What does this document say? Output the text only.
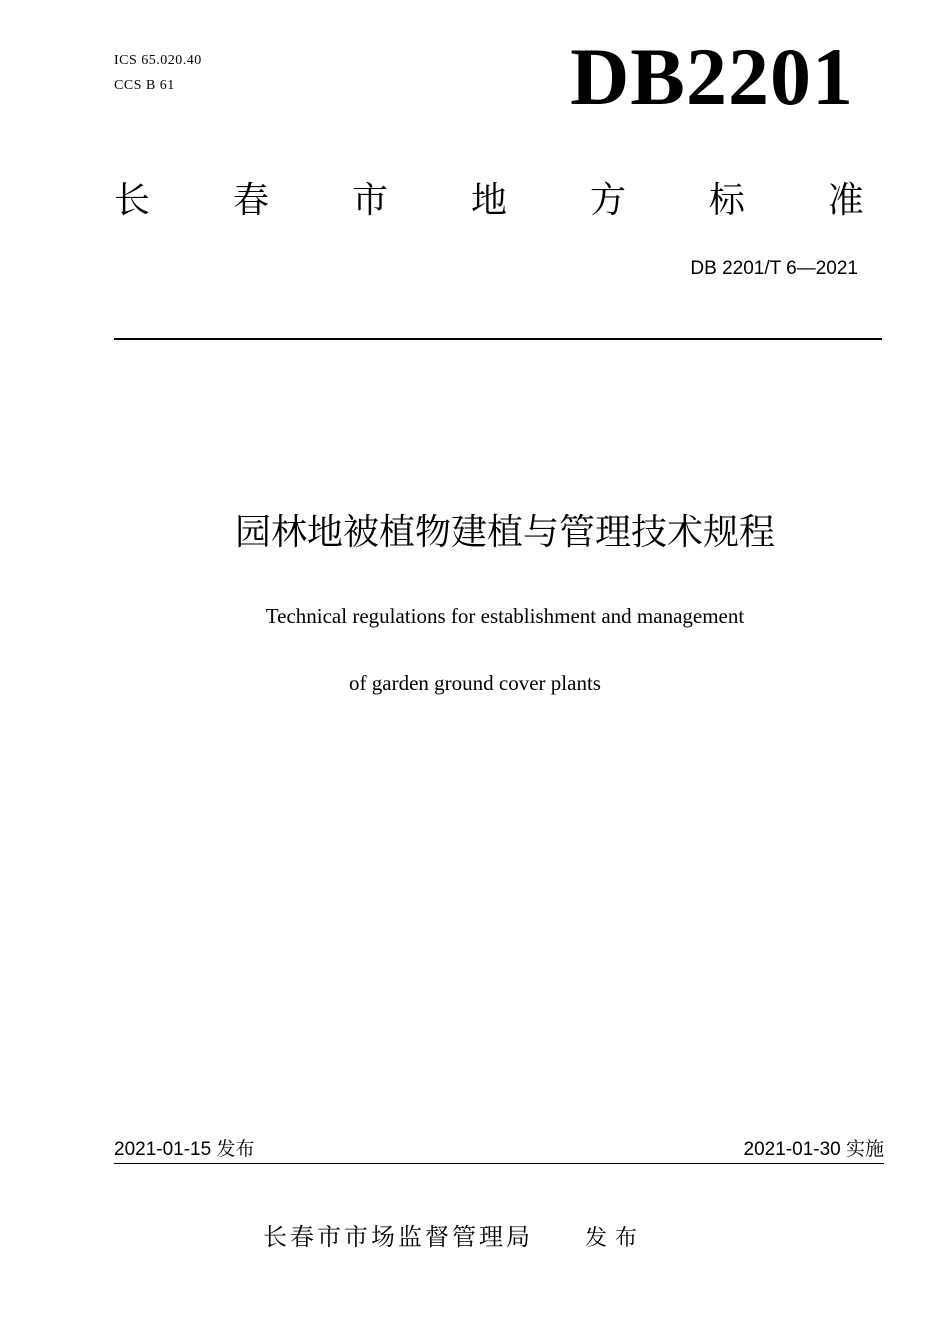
ICS 65.020.40
CCS B 61	DB2201
长 春 市 地 方 标 准
DB 2201/T 6—2021
园林地被植物建植与管理技术规程
Technical regulations for establishment and management
of garden ground cover plants
2021-01-15 发布	2021-01-30 实施
长春市市场监督管理局 发布
